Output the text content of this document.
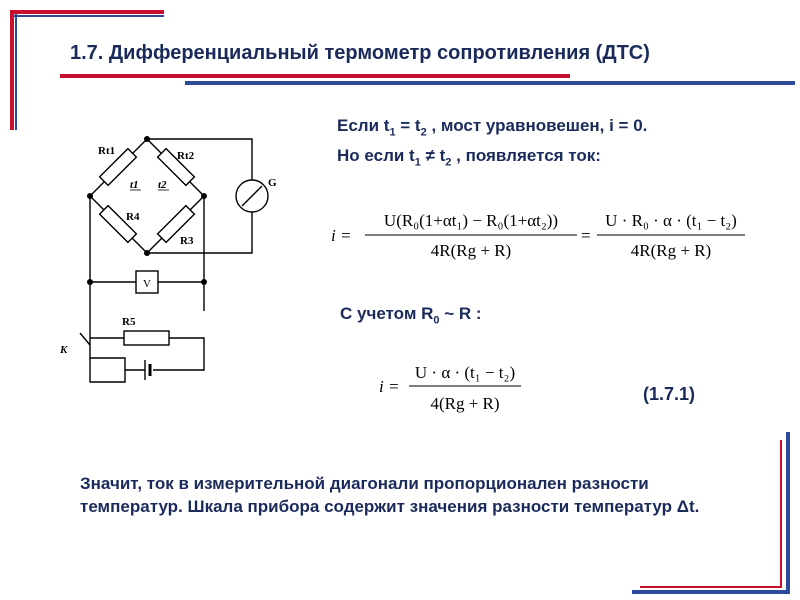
1.7. Дифференциальный термометр сопротивления (ДТС)
Rt1	Rt2
t1 t2
R4
R3
G
V
R5
K
Если $t_1 = t_2$ , мост уравновешен, i = 0.
Но если $t_1 \ne t_2$ , появляется ток:
i =
U(R₀(1+αt₁) − R₀(1+αt₂))
4R(Rg + R)
=
U · R₀ · α · (t₁ − t₂)
4R(Rg + R)
С учетом $R_0$ ~ R :
i =
U · α · (t₁ − t₂)
4(Rg + R)	(1.7.1)
Значит, ток в измерительной диагонали пропорционален разности температур. Шкала прибора содержит значения разности температур Δt.
